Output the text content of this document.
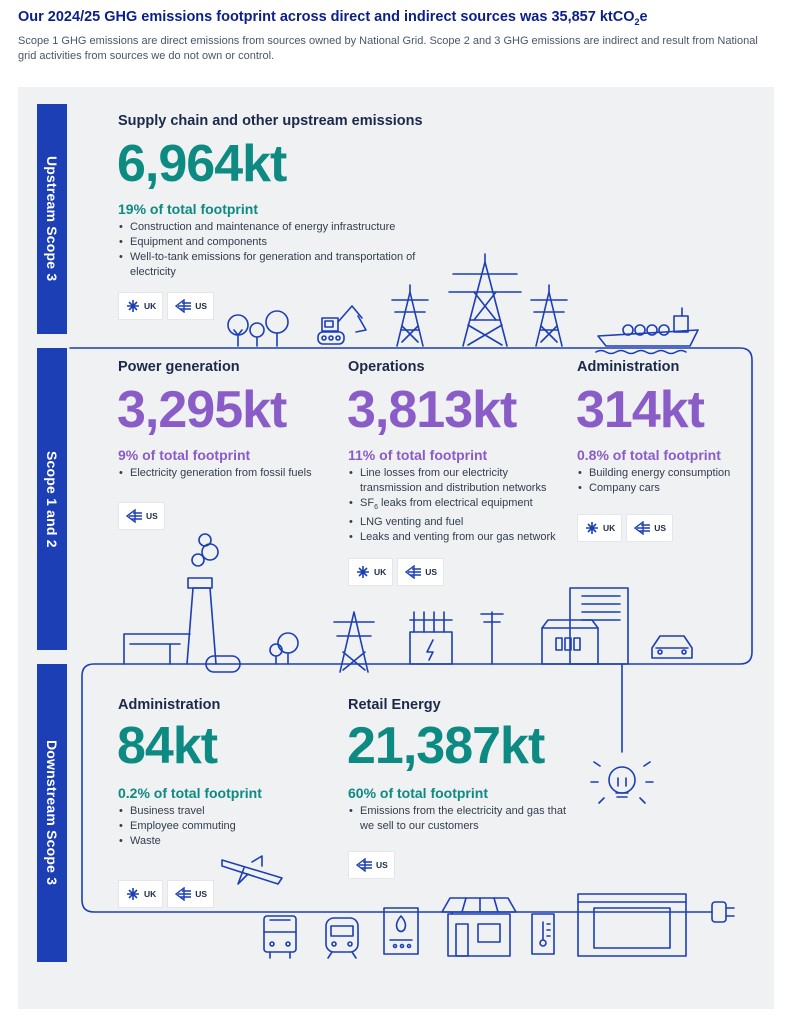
Our 2024/25 GHG emissions footprint across direct and indirect sources was 35,857 ktCO$_2$e
Scope 1 GHG emissions are direct emissions from sources owned by National Grid. Scope 2 and 3 GHG emissions are indirect and result from National grid activities from sources we do not own or control.
Upstream Scope 3
Scope 1 and 2
Downstream Scope 3
Supply chain and other upstream emissions
6,964kt
19% of total footprint
• Construction and maintenance of energy infrastructure
• Equipment and components
• Well-to-tank emissions for generation and transportation of electricity
UK	US
Power generation
3,295kt
9% of total footprint
• Electricity generation from fossil fuels
US
Operations
3,813kt
11% of total footprint
• Line losses from our electricity transmission and distribution networks
• $SF_6$ leaks from electrical equipment
• LNG venting and fuel
• Leaks and venting from our gas network
UK	US
Administration
314kt
0.8% of total footprint
• Building energy consumption
• Company cars
UK	US
Administration
84kt
0.2% of total footprint
• Business travel
• Employee commuting
• Waste
UK	US
Retail Energy
21,387kt
60% of total footprint
• Emissions from the electricity and gas that we sell to our customers
US
